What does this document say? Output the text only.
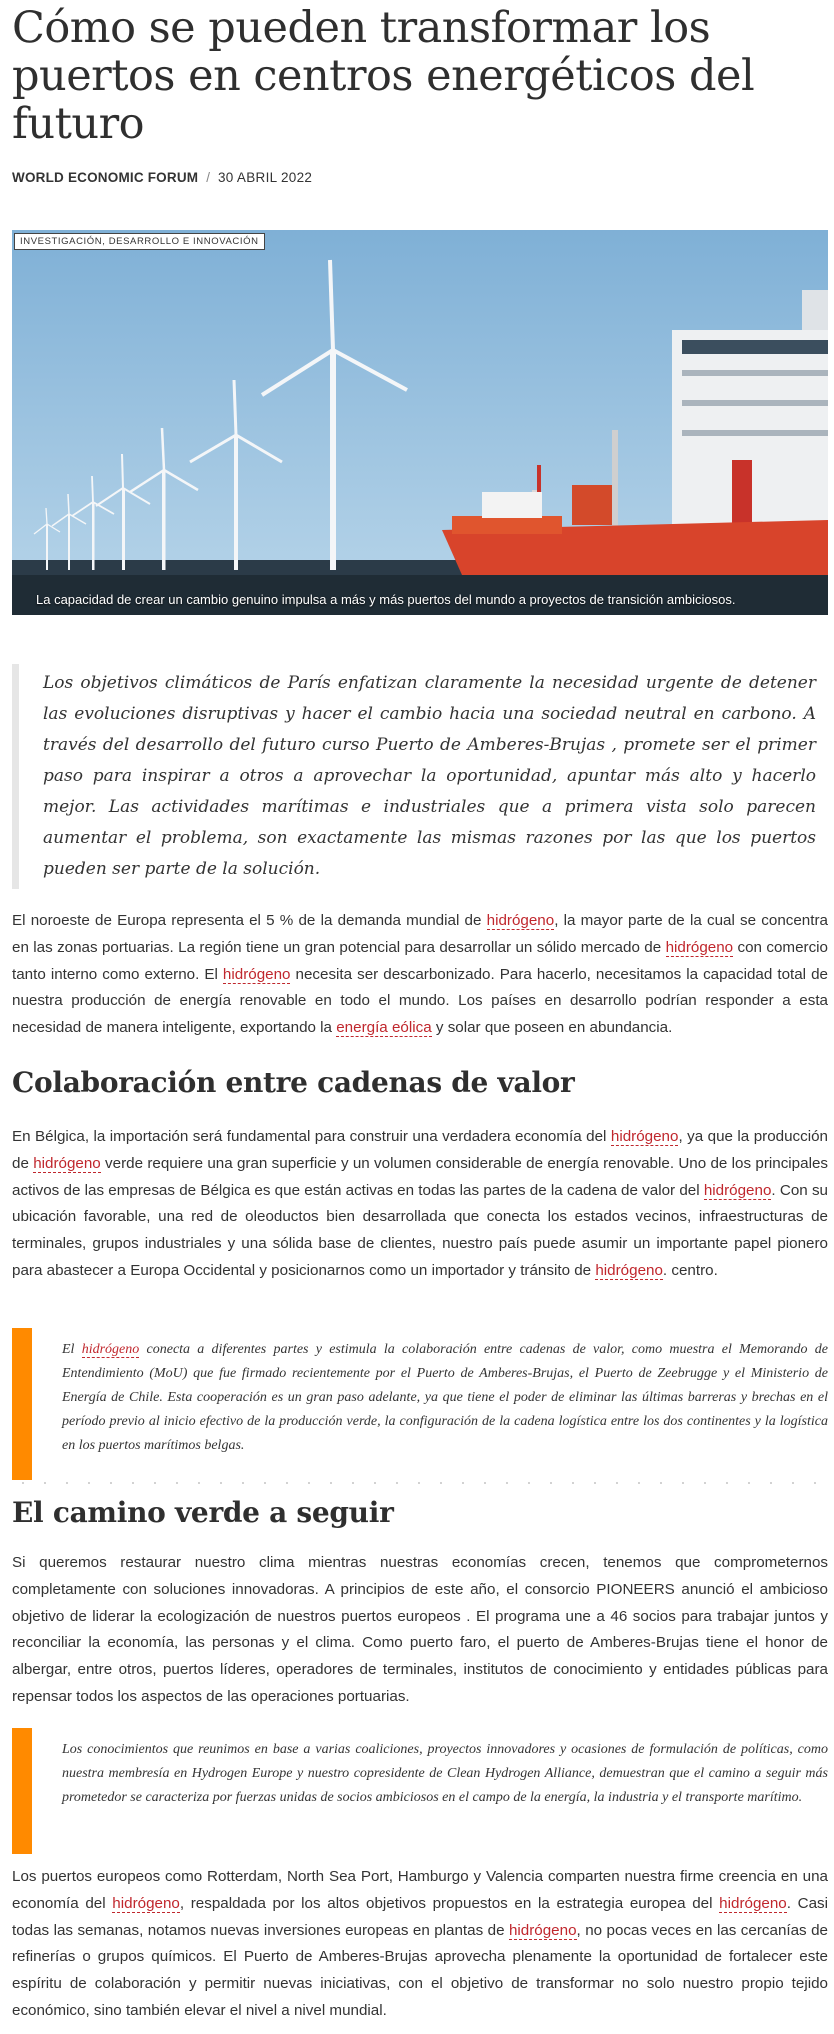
Cómo se pueden transformar los puertos en centros energéticos del futuro
WORLD ECONOMIC FORUM / 30 ABRIL 2022
INVESTIGACIÓN, DESARROLLO E INNOVACIÓN
La capacidad de crear un cambio genuino impulsa a más y más puertos del mundo a proyectos de transición ambiciosos.
Los objetivos climáticos de París enfatizan claramente la necesidad urgente de detener las evoluciones disruptivas y hacer el cambio hacia una sociedad neutral en carbono. A través del desarrollo del futuro curso Puerto de Amberes-Brujas , promete ser el primer paso para inspirar a otros a aprovechar la oportunidad, apuntar más alto y hacerlo mejor. Las actividades marítimas e industriales que a primera vista solo parecen aumentar el problema, son exactamente las mismas razones por las que los puertos pueden ser parte de la solución.

El noroeste de Europa representa el 5 % de la demanda mundial de hidrógeno, la mayor parte de la cual se concentra en las zonas portuarias. La región tiene un gran potencial para desarrollar un sólido mercado de hidrógeno con comercio tanto interno como externo. El hidrógeno necesita ser descarbonizado. Para hacerlo, necesitamos la capacidad total de nuestra producción de energía renovable en todo el mundo. Los países en desarrollo podrían responder a esta necesidad de manera inteligente, exportando la energía eólica y solar que poseen en abundancia.

Colaboración entre cadenas de valor

En Bélgica, la importación será fundamental para construir una verdadera economía del hidrógeno, ya que la producción de hidrógeno verde requiere una gran superficie y un volumen considerable de energía renovable. Uno de los principales activos de las empresas de Bélgica es que están activas en todas las partes de la cadena de valor del hidrógeno. Con su ubicación favorable, una red de oleoductos bien desarrollada que conecta los estados vecinos, infraestructuras de terminales, grupos industriales y una sólida base de clientes, nuestro país puede asumir un importante papel pionero para abastecer a Europa Occidental y posicionarnos como un importador y tránsito de hidrógeno. centro.

El hidrógeno conecta a diferentes partes y estimula la colaboración entre cadenas de valor, como muestra el Memorando de Entendimiento (MoU) que fue firmado recientemente por el Puerto de Amberes-Brujas, el Puerto de Zeebrugge y el Ministerio de Energía de Chile. Esta cooperación es un gran paso adelante, ya que tiene el poder de eliminar las últimas barreras y brechas en el período previo al inicio efectivo de la producción verde, la configuración de la cadena logística entre los dos continentes y la logística en los puertos marítimos belgas.
El camino verde a seguir

Si queremos restaurar nuestro clima mientras nuestras economías crecen, tenemos que comprometernos completamente con soluciones innovadoras. A principios de este año, el consorcio PIONEERS anunció el ambicioso objetivo de liderar la ecologización de nuestros puertos europeos . El programa une a 46 socios para trabajar juntos y reconciliar la economía, las personas y el clima. Como puerto faro, el puerto de Amberes-Brujas tiene el honor de albergar, entre otros, puertos líderes, operadores de terminales, institutos de conocimiento y entidades públicas para repensar todos los aspectos de las operaciones portuarias.

Los conocimientos que reunimos en base a varias coaliciones, proyectos innovadores y ocasiones de formulación de políticas, como nuestra membresía en Hydrogen Europe y nuestro copresidente de Clean Hydrogen Alliance, demuestran que el camino a seguir más prometedor se caracteriza por fuerzas unidas de socios ambiciosos en el campo de la energía, la industria y el transporte marítimo.

Los puertos europeos como Rotterdam, North Sea Port, Hamburgo y Valencia comparten nuestra firme creencia en una economía del hidrógeno, respaldada por los altos objetivos propuestos en la estrategia europea del hidrógeno. Casi todas las semanas, notamos nuevas inversiones europeas en plantas de hidrógeno, no pocas veces en las cercanías de refinerías o grupos químicos. El Puerto de Amberes-Brujas aprovecha plenamente la oportunidad de fortalecer este espíritu de colaboración y permitir nuevas iniciativas, con el objetivo de transformar no solo nuestro propio tejido económico, sino también elevar el nivel a nivel mundial.
